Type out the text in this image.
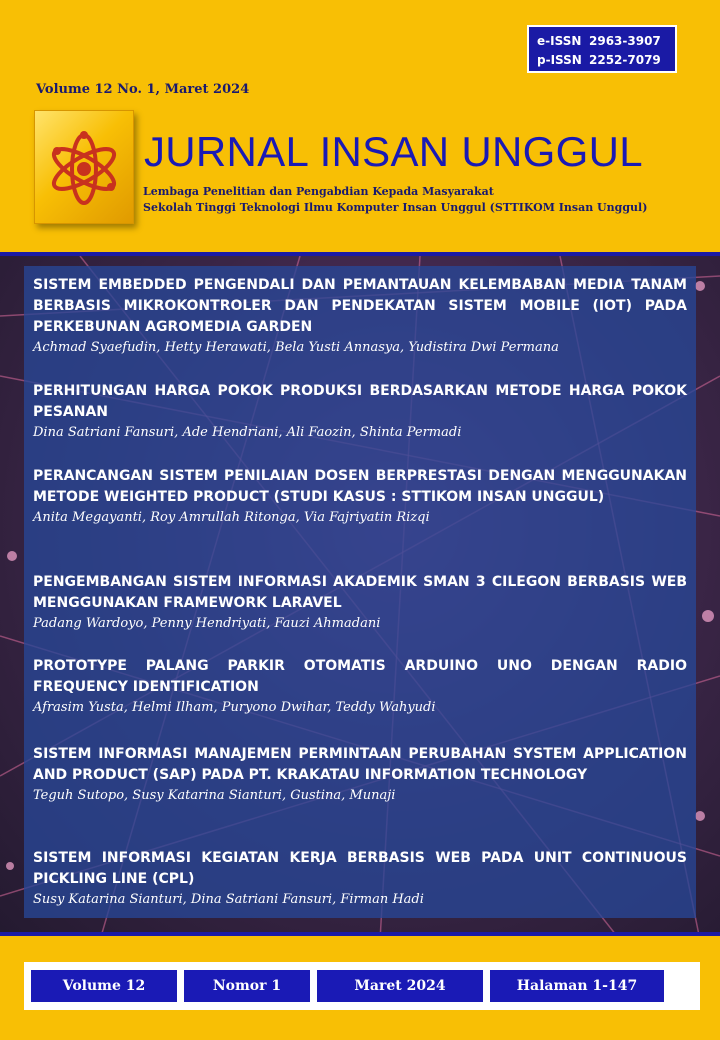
e-ISSN 2963-3907
p-ISSN 2252-7079
Volume 12 No. 1, Maret 2024
JURNAL INSAN UNGGUL
Lembaga Penelitian dan Pengabdian Kepada Masyarakat
Sekolah Tinggi Teknologi Ilmu Komputer Insan Unggul (STTIKOM Insan Unggul)
SISTEM EMBEDDED PENGENDALI DAN PEMANTAUAN KELEMBABAN MEDIA TANAM BERBASIS MIKROKONTROLER DAN PENDEKATAN SISTEM MOBILE (IOT) PADA PERKEBUNAN AGROMEDIA GARDEN
Achmad Syaefudin, Hetty Herawati, Bela Yusti Annasya, Yudistira Dwi Permana
PERHITUNGAN HARGA POKOK PRODUKSI BERDASARKAN METODE HARGA POKOK PESANAN
Dina Satriani Fansuri, Ade Hendriani, Ali Faozin, Shinta Permadi
PERANCANGAN SISTEM PENILAIAN DOSEN BERPRESTASI DENGAN MENGGUNAKAN METODE WEIGHTED PRODUCT (STUDI KASUS : STTIKOM INSAN UNGGUL)
Anita Megayanti, Roy Amrullah Ritonga, Via Fajriyatin Rizqi
PENGEMBANGAN SISTEM INFORMASI AKADEMIK SMAN 3 CILEGON BERBASIS WEB MENGGUNAKAN FRAMEWORK LARAVEL
Padang Wardoyo, Penny Hendriyati, Fauzi Ahmadani
PROTOTYPE PALANG PARKIR OTOMATIS ARDUINO UNO DENGAN RADIO FREQUENCY IDENTIFICATION
Afrasim Yusta, Helmi Ilham, Puryono Dwihar, Teddy Wahyudi
SISTEM INFORMASI MANAJEMEN PERMINTAAN PERUBAHAN SYSTEM APPLICATION AND PRODUCT (SAP) PADA PT. KRAKATAU INFORMATION TECHNOLOGY
Teguh Sutopo, Susy Katarina Sianturi, Gustina, Munaji
SISTEM INFORMASI KEGIATAN KERJA BERBASIS WEB PADA UNIT CONTINUOUS PICKLING LINE (CPL)
Susy Katarina Sianturi, Dina Satriani Fansuri, Firman Hadi
Volume 12	Nomor 1	Maret 2024	Halaman 1-147
